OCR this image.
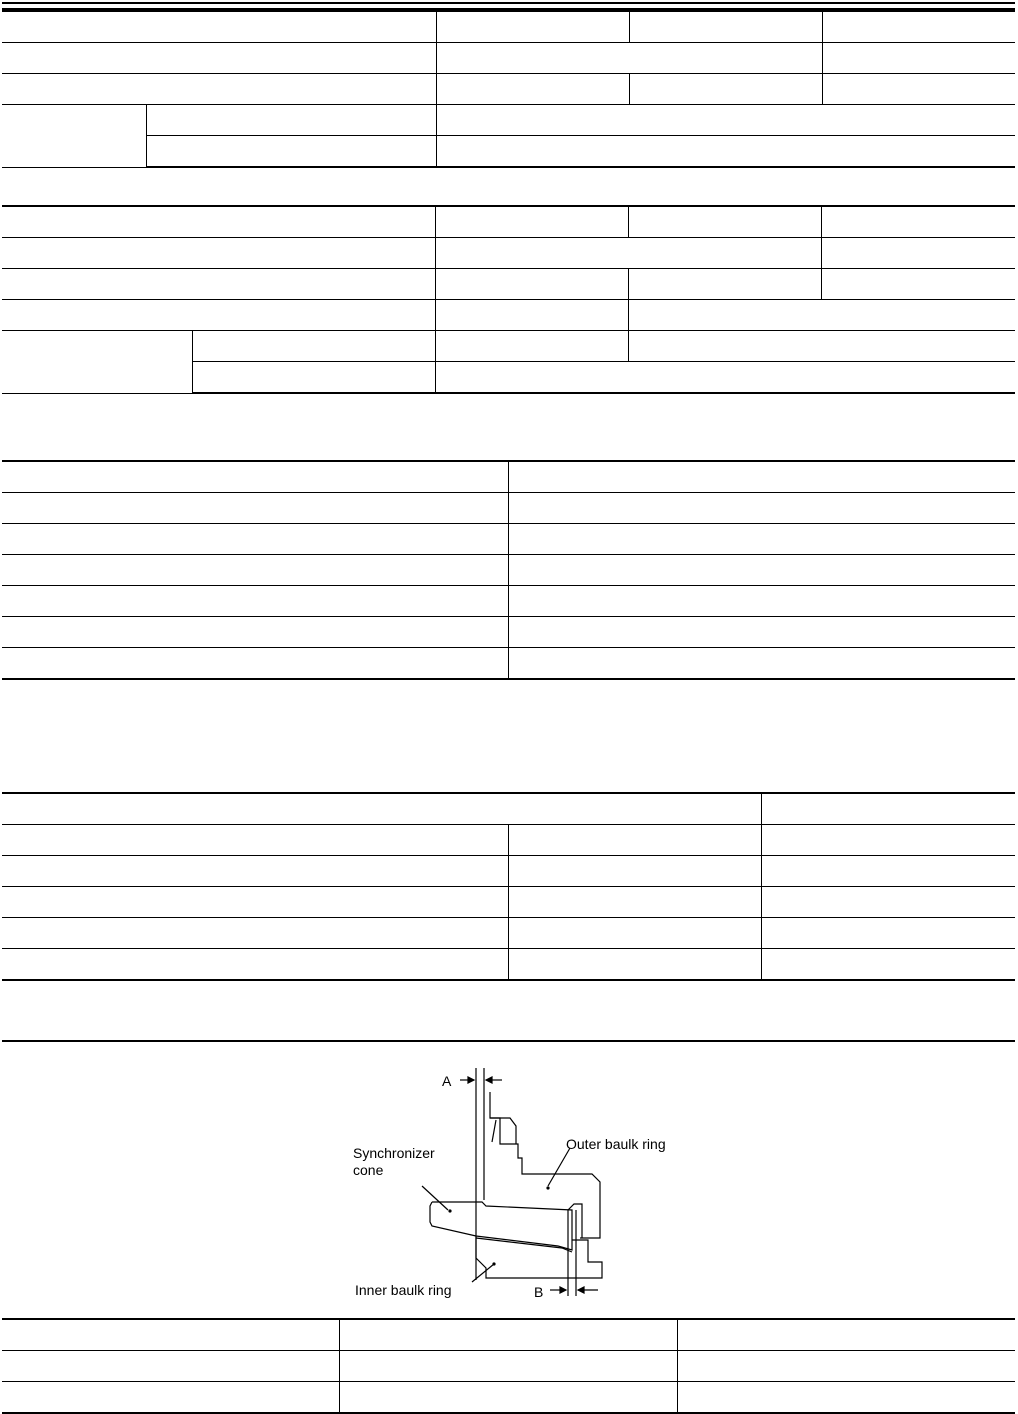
A
B
Synchronizer
cone
Outer baulk ring
Inner baulk ring
